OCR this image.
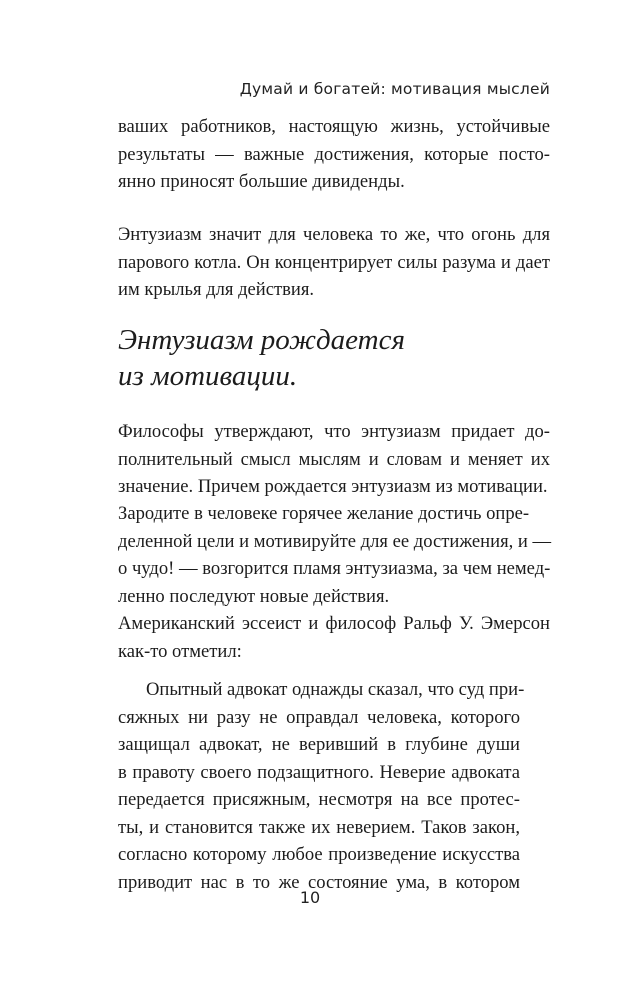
Думай и богатей: мотивация мыслей
ваших работников, настоящую жизнь, устойчивые
результаты — важные достижения, которые посто-
янно приносят большие дивиденды.
Энтузиазм значит для человека то же, что огонь для
парового котла. Он концентрирует силы разума и дает
им крылья для действия.
Энтузиазм рождается
из мотивации.
Философы утверждают, что энтузиазм придает до-
полнительный смысл мыслям и словам и меняет их
значение. Причем рождается энтузиазм из мотивации.
Зародите в человеке горячее желание достичь опре-
деленной цели и мотивируйте для ее достижения, и —
о чудо! — возгорится пламя энтузиазма, за чем немед-
ленно последуют новые действия.
Американский эссеист и философ Ральф У. Эмерсон
как-то отметил:
Опытный адвокат однажды сказал, что суд при-
сяжных ни разу не оправдал человека, которого
защищал адвокат, не веривший в глубине души
в правоту своего подзащитного. Неверие адвоката
передается присяжным, несмотря на все протес-
ты, и становится также их неверием. Таков закон,
согласно которому любое произведение искусства
приводит нас в то же состояние ума, в котором
10
